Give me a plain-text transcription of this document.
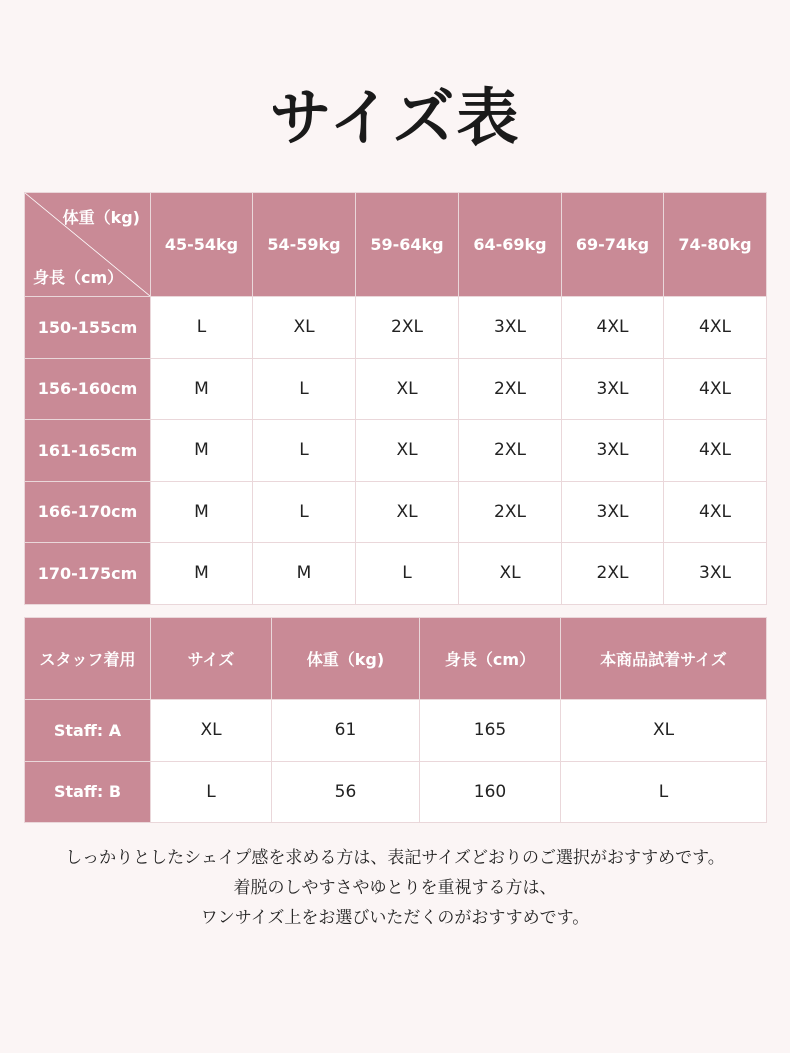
サイズ表
体重（kg)
身長（cm）	45-54kg	54-59kg	59-64kg	64-69kg	69-74kg	74-80kg
150-155cm	L	XL	2XL	3XL	4XL	4XL
156-160cm	M	L	XL	2XL	3XL	4XL
161-165cm	M	L	XL	2XL	3XL	4XL
166-170cm	M	L	XL	2XL	3XL	4XL
170-175cm	M	M	L	XL	2XL	3XL
スタッフ着用	サイズ	体重（kg)	身長（cm）	本商品試着サイズ
Staff: A	XL	61	165	XL
Staff: B	L	56	160	L
しっかりとしたシェイプ感を求める方は、表記サイズどおりのご選択がおすすめです。
着脱のしやすさやゆとりを重視する方は、
ワンサイズ上をお選びいただくのがおすすめです。
